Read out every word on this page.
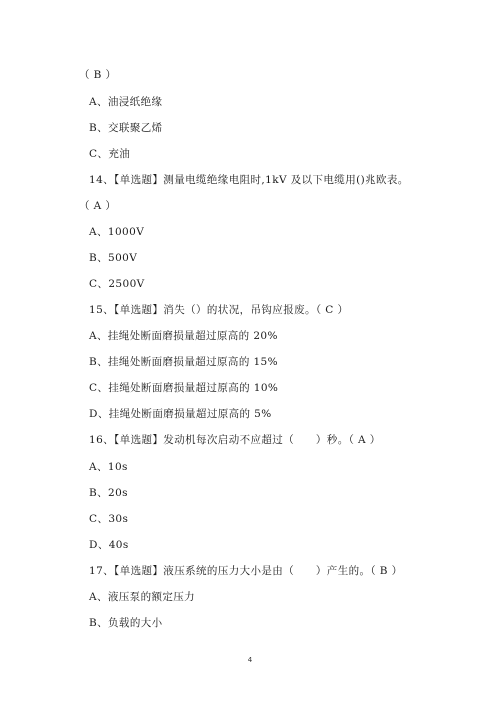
（ B ）
A、油浸纸绝缘
B、交联聚乙烯
C、充油
14、【单选题】测量电缆绝缘电阻时,1kV 及以下电缆用()兆欧表。
（ A ）
A、1000V
B、500V
C、2500V
15、【单选题】消失（）的状况，吊钩应报废。（ C ）
A、挂绳处断面磨损量超过原高的 20%
B、挂绳处断面磨损量超过原高的 15%
C、挂绳处断面磨损量超过原高的 10%
D、挂绳处断面磨损量超过原高的 5%
16、【单选题】发动机每次启动不应超过（　　）秒。（ A ）
A、10s
B、20s
C、30s
D、40s
17、【单选题】液压系统的压力大小是由（　　）产生的。（ B ）
A、液压泵的额定压力
B、负载的大小
4
